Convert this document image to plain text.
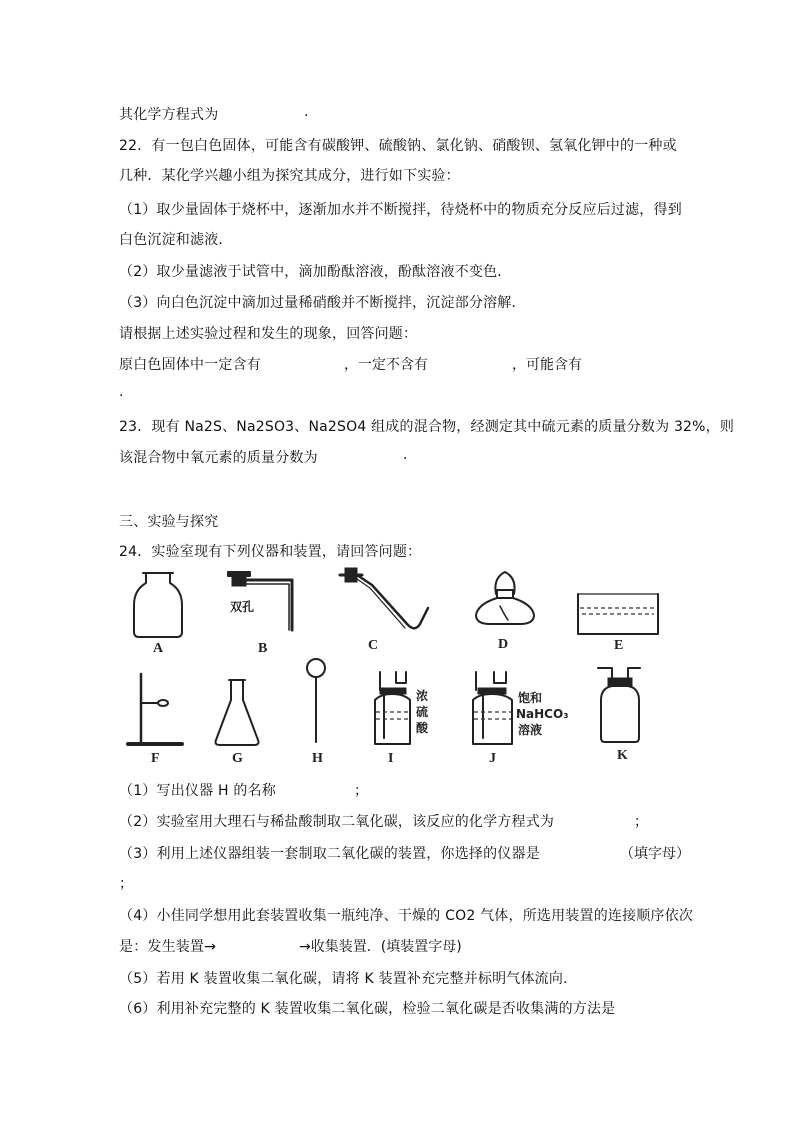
其化学方程式为	.
22．有一包白色固体，可能含有碳酸钾、硫酸钠、氯化钠、硝酸钡、氢氧化钾中的一种或
几种．某化学兴趣小组为探究其成分，进行如下实验：
（1）取少量固体于烧杯中，逐渐加水并不断搅拌，待烧杯中的物质充分反应后过滤，得到
白色沉淀和滤液．
（2）取少量滤液于试管中，滴加酚酞溶液，酚酞溶液不变色．
（3）向白色沉淀中滴加过量稀硝酸并不断搅拌，沉淀部分溶解．
请根据上述实验过程和发生的现象，回答问题：
原白色固体中一定含有	，一定不含有	，可能含有
.
23．现有 Na2S、Na2SO3、Na2SO4 组成的混合物，经测定其中硫元素的质量分数为 32%，则
该混合物中氧元素的质量分数为	.
三、实验与探究
24．实验室现有下列仪器和装置，请回答问题：
双孔
浓
硫
酸
饱和
NaHCO₃
溶液
A	B	C	D	E
F	G	H	I	J	K
（1）写出仪器 H 的名称	；
（2）实验室用大理石与稀盐酸制取二氧化碳，该反应的化学方程式为	；
（3）利用上述仪器组装一套制取二氧化碳的装置，你选择的仪器是	（填字母）
；
（4）小佳同学想用此套装置收集一瓶纯净、干燥的 CO2 气体，所选用装置的连接顺序依次
是：发生装置→	→收集装置．(填装置字母)
（5）若用 K 装置收集二氧化碳，请将 K 装置补充完整并标明气体流向．
（6）利用补充完整的 K 装置收集二氧化碳，检验二氧化碳是否收集满的方法是
